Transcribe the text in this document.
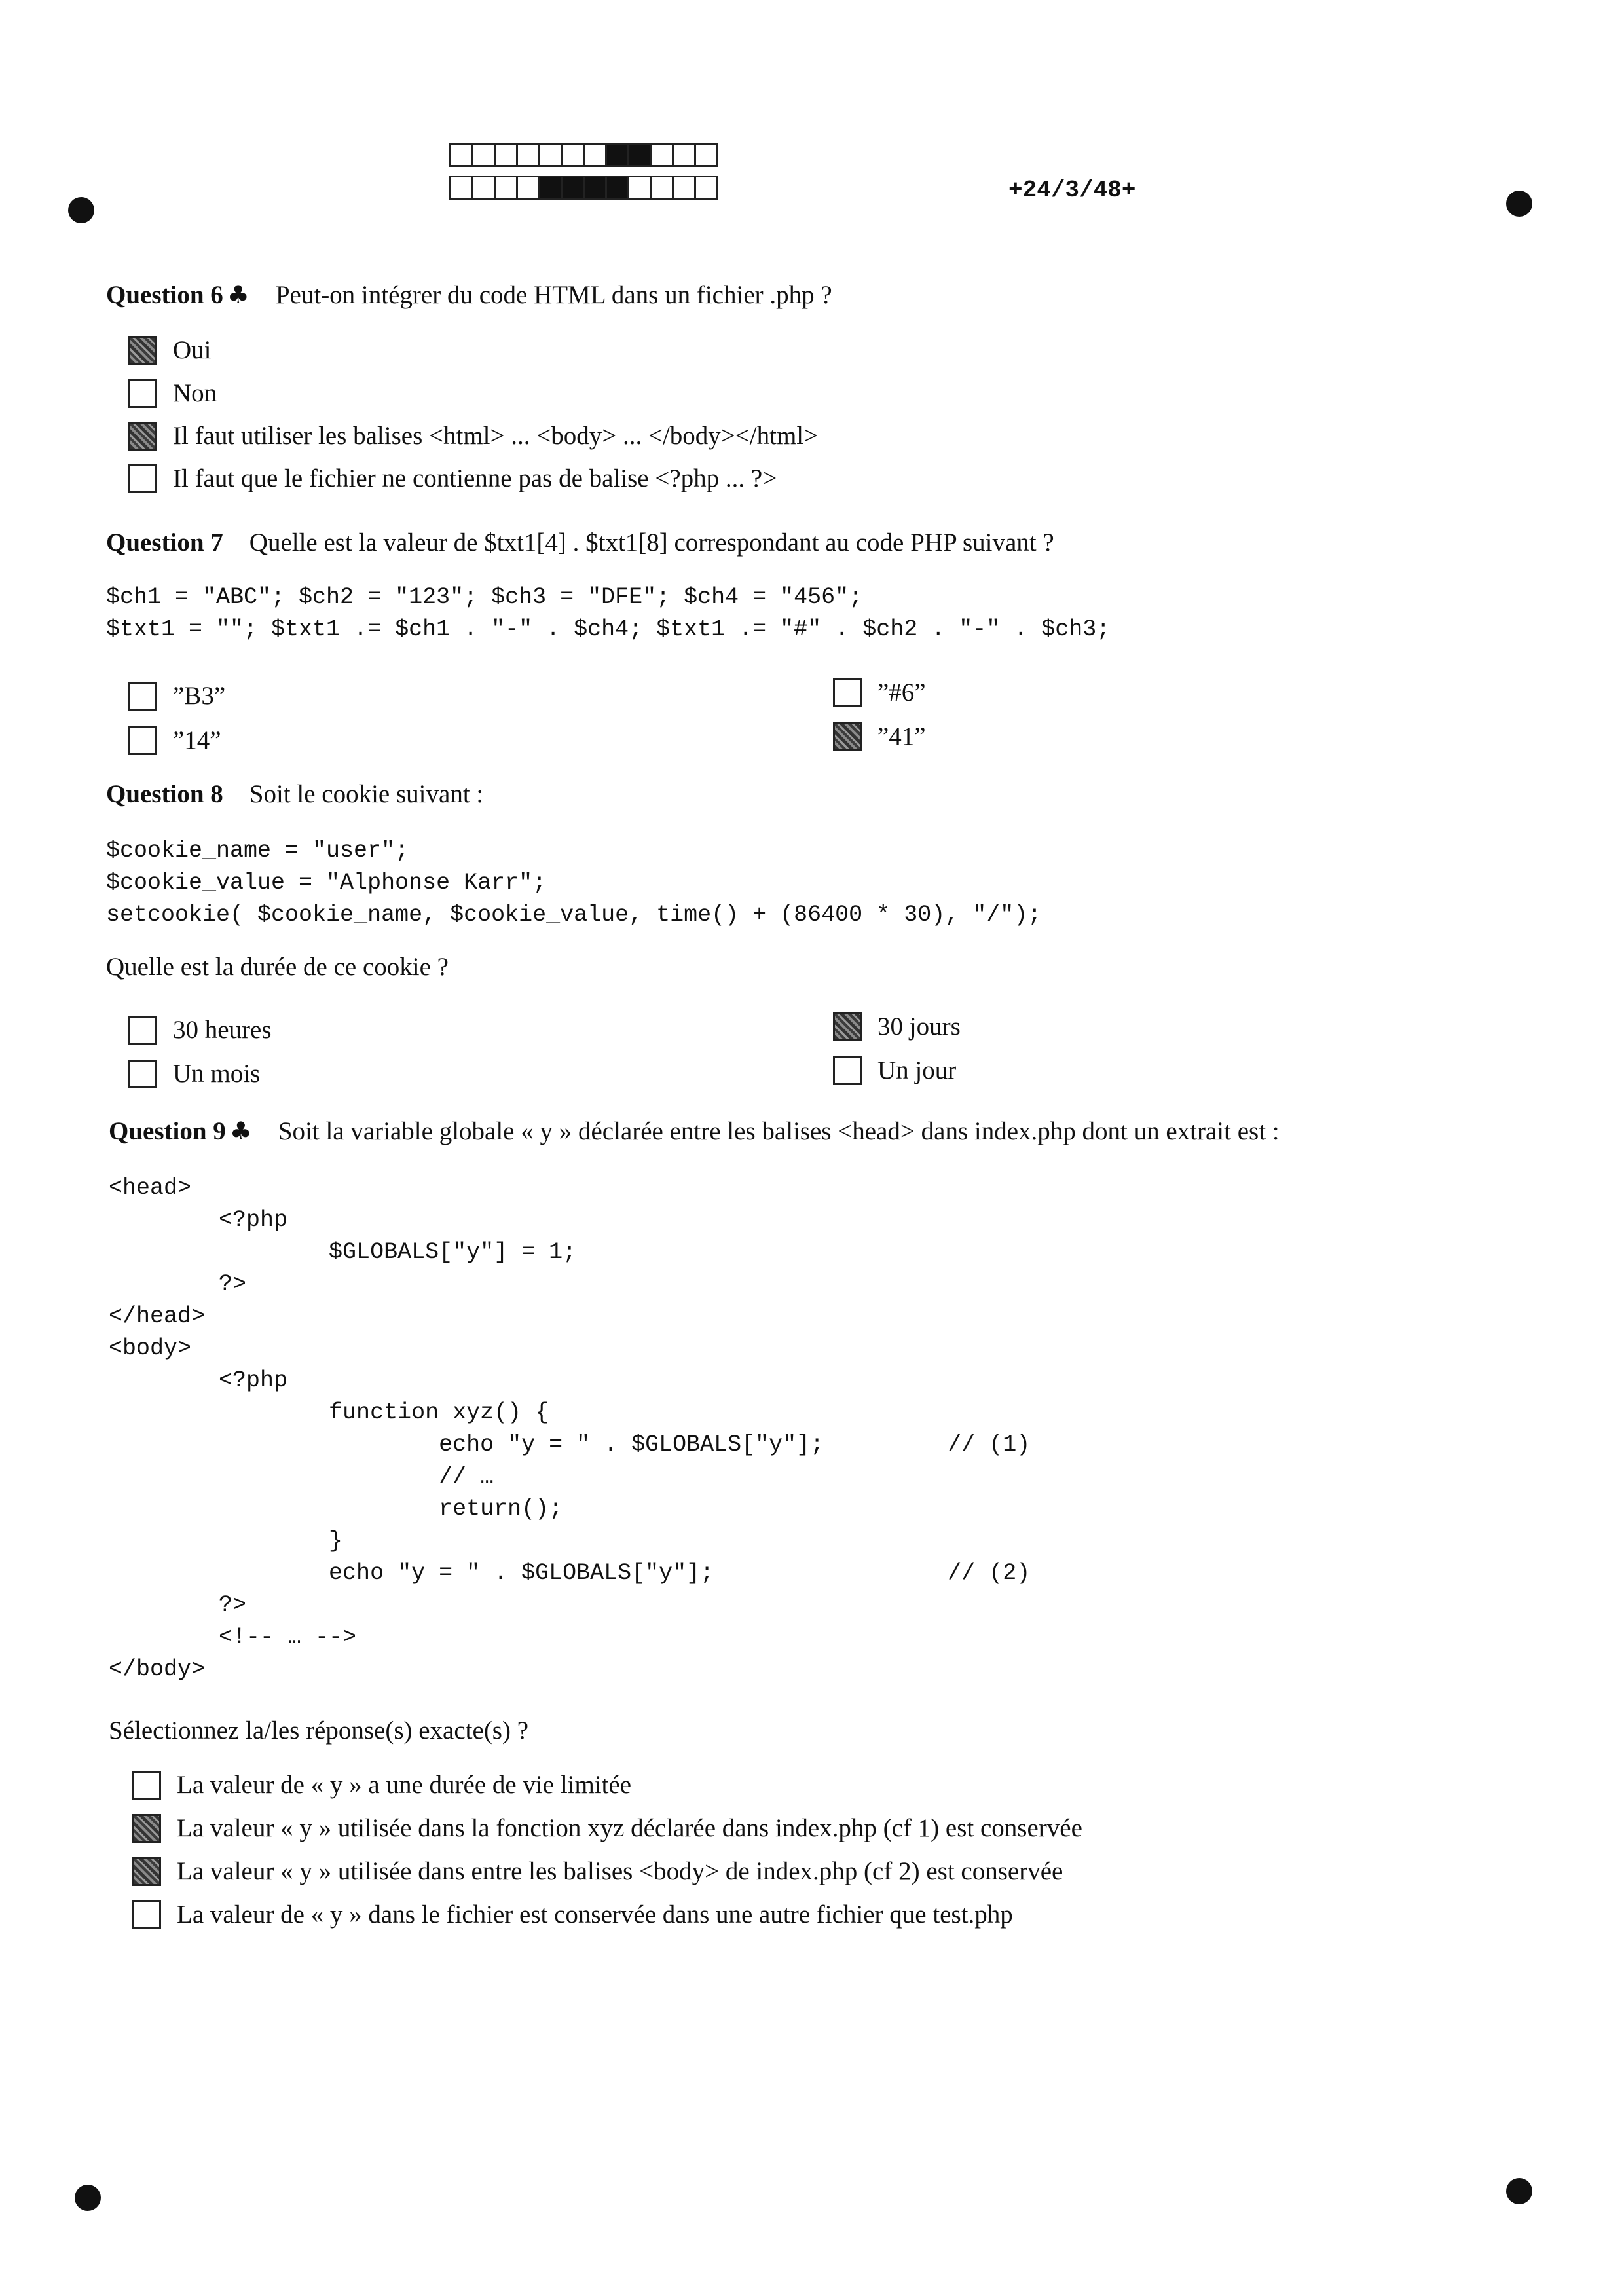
+24/3/48+
Question 6 ♣ Peut-on intégrer du code HTML dans un fichier .php ?
Oui
Non
Il faut utiliser les balises <html> ... <body> ... </body></html>
Il faut que le fichier ne contienne pas de balise <?php ... ?>
Question 7 Quelle est la valeur de $txt1[4] . $txt1[8] correspondant au code PHP suivant ?
$ch1 = "ABC"; $ch2 = "123"; $ch3 = "DFE"; $ch4 = "456";
$txt1 = ""; $txt1 .= $ch1 . "-" . $ch4; $txt1 .= "#" . $ch2 . "-" . $ch3;
”B3”
”14”
”#6”
”41”
Question 8 Soit le cookie suivant :
$cookie_name = "user";
$cookie_value = "Alphonse Karr";
setcookie( $cookie_name, $cookie_value, time() + (86400 * 30), "/");
Quelle est la durée de ce cookie ?
30 heures
Un mois
30 jours
Un jour
Question 9 ♣ Soit la variable globale « y » déclarée entre les balises <head> dans index.php dont un extrait est :
<head>
<?php
$GLOBALS["y"] = 1;
?>
</head>
<body>
<?php
function xyz() {
echo "y = " . $GLOBALS["y"];         // (1)
// …
return();
}
echo "y = " . $GLOBALS["y"];                 // (2)
?>
<!-- … -->
</body>
Sélectionnez la/les réponse(s) exacte(s) ?
La valeur de « y » a une durée de vie limitée
La valeur « y » utilisée dans la fonction xyz déclarée dans index.php (cf 1) est conservée
La valeur « y » utilisée dans entre les balises <body> de index.php (cf 2) est conservée
La valeur de « y » dans le fichier est conservée dans une autre fichier que test.php
